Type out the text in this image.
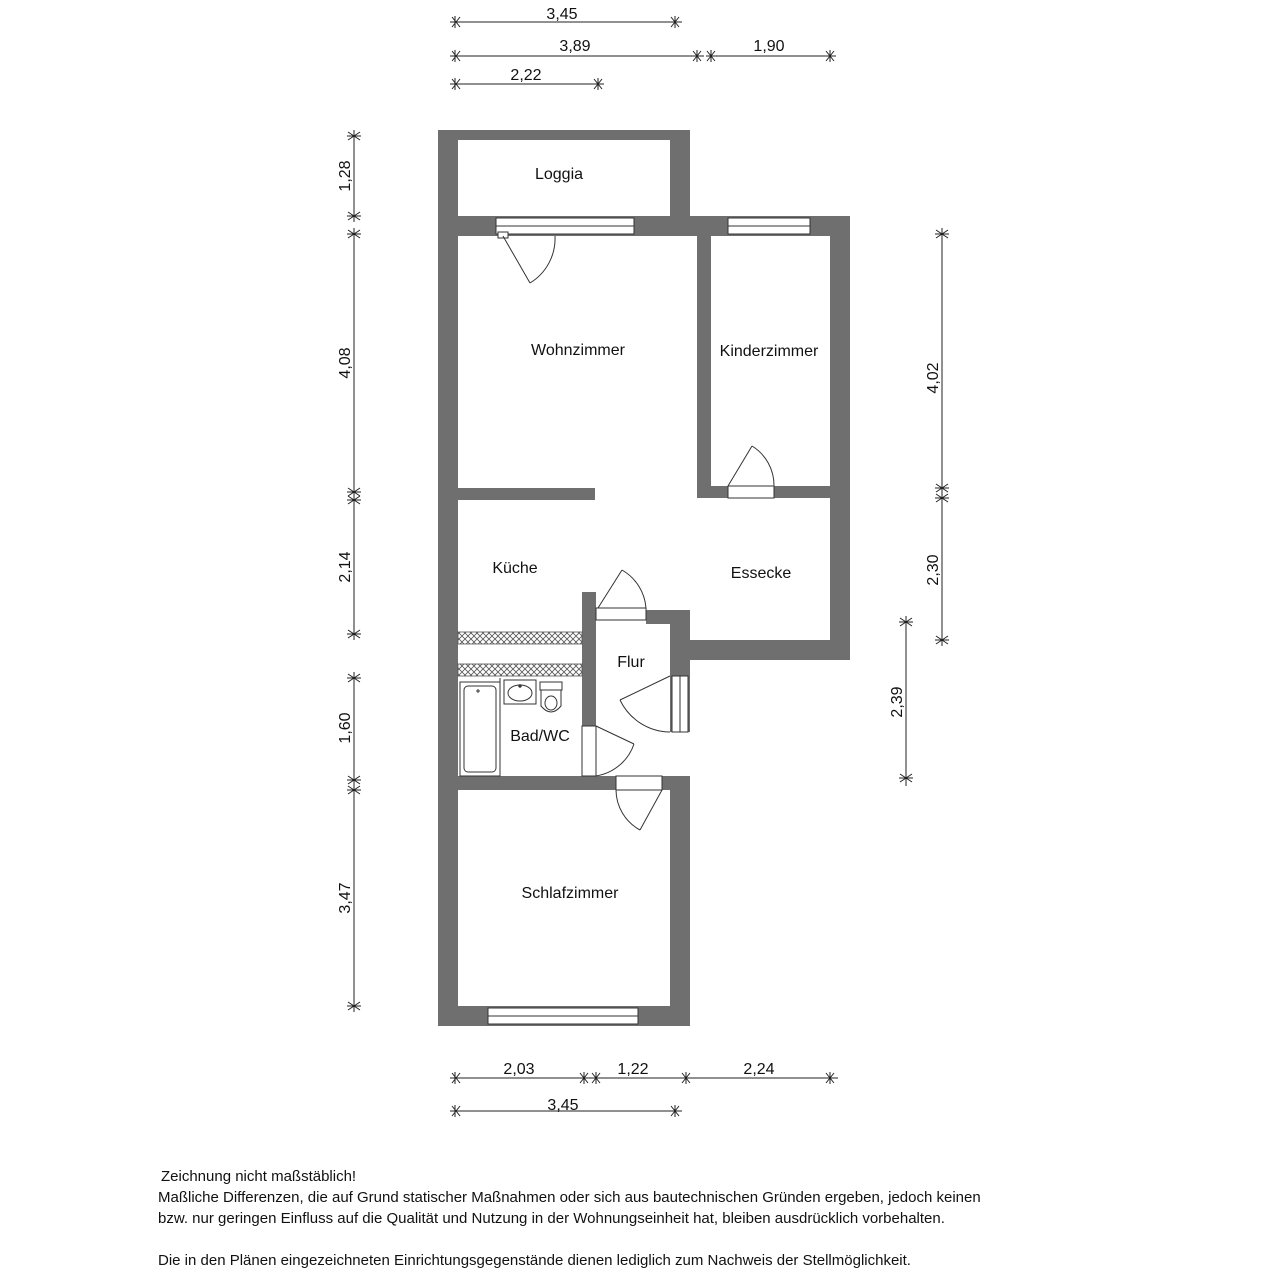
Loggia
Wohnzimmer	Kinderzimmer
Küche	Essecke
Flur
Bad/WC
Schlafzimmer
3,45
3,89	1,90
2,22
1,28
4,08
2,14
1,60
3,47
4,02
2,30
2,39
2,03	1,22	2,24
3,45

Zeichnung nicht maßstäblich!

Maßliche Differenzen, die auf Grund statischer Maßnahmen oder sich aus bautechnischen Gründen ergeben, jedoch keinen

bzw. nur geringen Einfluss auf die Qualität und Nutzung in der Wohnungseinheit hat, bleiben ausdrücklich vorbehalten.

Die in den Plänen eingezeichneten Einrichtungsgegenstände dienen lediglich zum Nachweis der Stellmöglichkeit.
